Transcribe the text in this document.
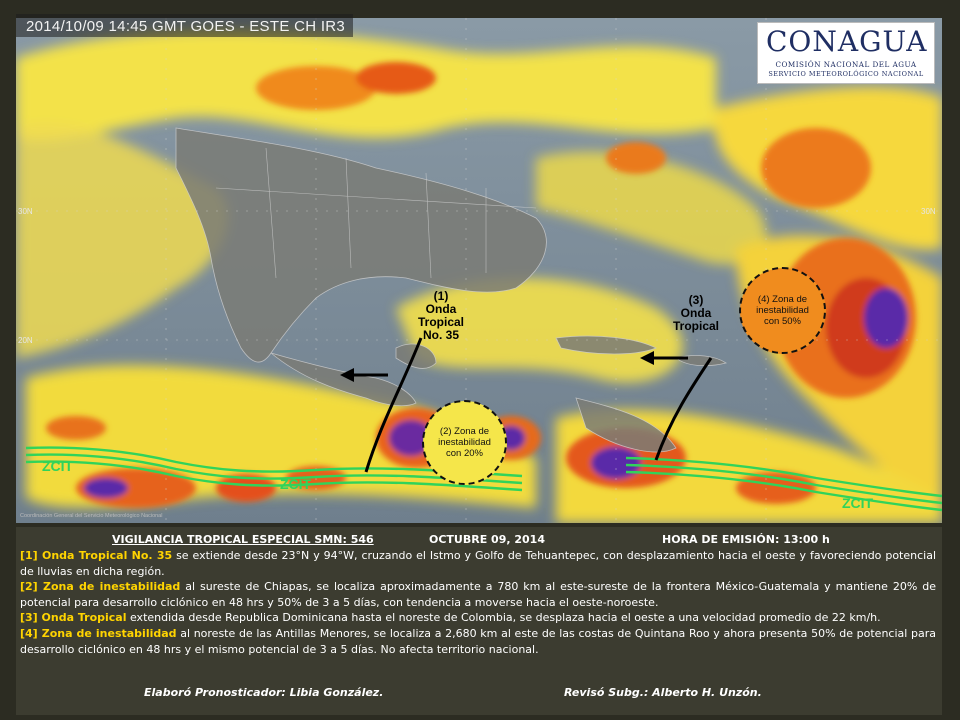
30N
20N
30N
(1)
Onda
Tropical
No. 35
(3)
Onda
Tropical
(2) Zona de
inestabilidad
con 20%
(4) Zona de
inestabilidad
con 50%
ZCIT
ZCIT
ZCIT
2014/10/09 14:45 GMT GOES - ESTE CH IR3	CONAGUA
COMISIÓN NACIONAL DEL AGUA
SERVICIO METEOROLÓGICO NACIONAL
Coordinación General del Servicio Meteorológico Nacional
VIGILANCIA TROPICAL ESPECIAL SMN: 546	OCTUBRE 09, 2014	HORA DE EMISIÓN: 13:00 h

[1] Onda Tropical No. 35 se extiende desde 23°N y 94°W, cruzando el Istmo y Golfo de Tehuantepec, con desplazamiento hacia el oeste y favoreciendo potencial de lluvias en dicha región.

[2] Zona de inestabilidad al sureste de Chiapas, se localiza aproximadamente a 780 km al este-sureste de la frontera México-Guatemala y mantiene 20% de potencial para desarrollo ciclónico en 48 hrs y 50% de 3 a 5 días, con tendencia a moverse hacia el oeste-noroeste.

[3] Onda Tropical extendida desde Republica Dominicana hasta el noreste de Colombia, se desplaza hacia el oeste a una velocidad promedio de 22 km/h.

[4] Zona de inestabilidad al noreste de las Antillas Menores, se localiza a 2,680 km al este de las costas de Quintana Roo y ahora presenta 50% de potencial para desarrollo ciclónico en 48 hrs y el mismo potencial de 3 a 5 días. No afecta territorio nacional.

Elaboró Pronosticador: Libia González.	Revisó Subg.: Alberto H. Unzón.
